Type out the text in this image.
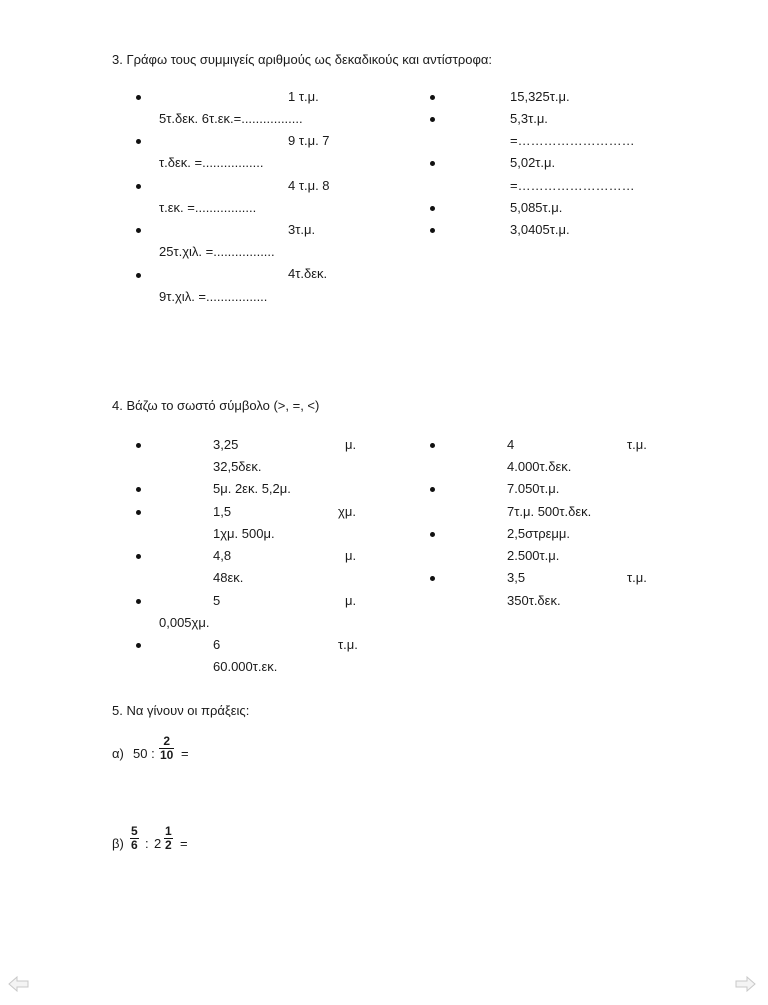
3. Γράφω τους συμμιγείς αριθμούς ως δεκαδικούς και αντίστροφα:
1 τ.μ.
5τ.δεκ. 6τ.εκ.=.................
9 τ.μ. 7
τ.δεκ. =.................
4 τ.μ. 8
τ.εκ. =.................
3τ.μ.
25τ.χιλ. =.................
4τ.δεκ.
9τ.χιλ. =.................
15,325τ.μ.
5,3τ.μ.
=………………………
5,02τ.μ.
=………………………
5,085τ.μ.
3,0405τ.μ.
4. Βάζω το σωστό σύμβολο (>, =, <)
3,25	μ.
32,5δεκ.
5μ. 2εκ. 5,2μ.
1,5	χμ.
1χμ. 500μ.
4,8	μ.
48εκ.
5	μ.
0,005χμ.
6	τ.μ.
60.000τ.εκ.
4	τ.μ.
4.000τ.δεκ.
7.050τ.μ.
7τ.μ. 500τ.δεκ.
2,5στρεμμ.
2.500τ.μ.
3,5	τ.μ.
350τ.δεκ.
5. Να γίνουν οι πράξεις:
α) 50 : $\frac{2}{10}$ =
$\beta) \frac{5}{6}$ : $2 \frac{1}{2}$ =
